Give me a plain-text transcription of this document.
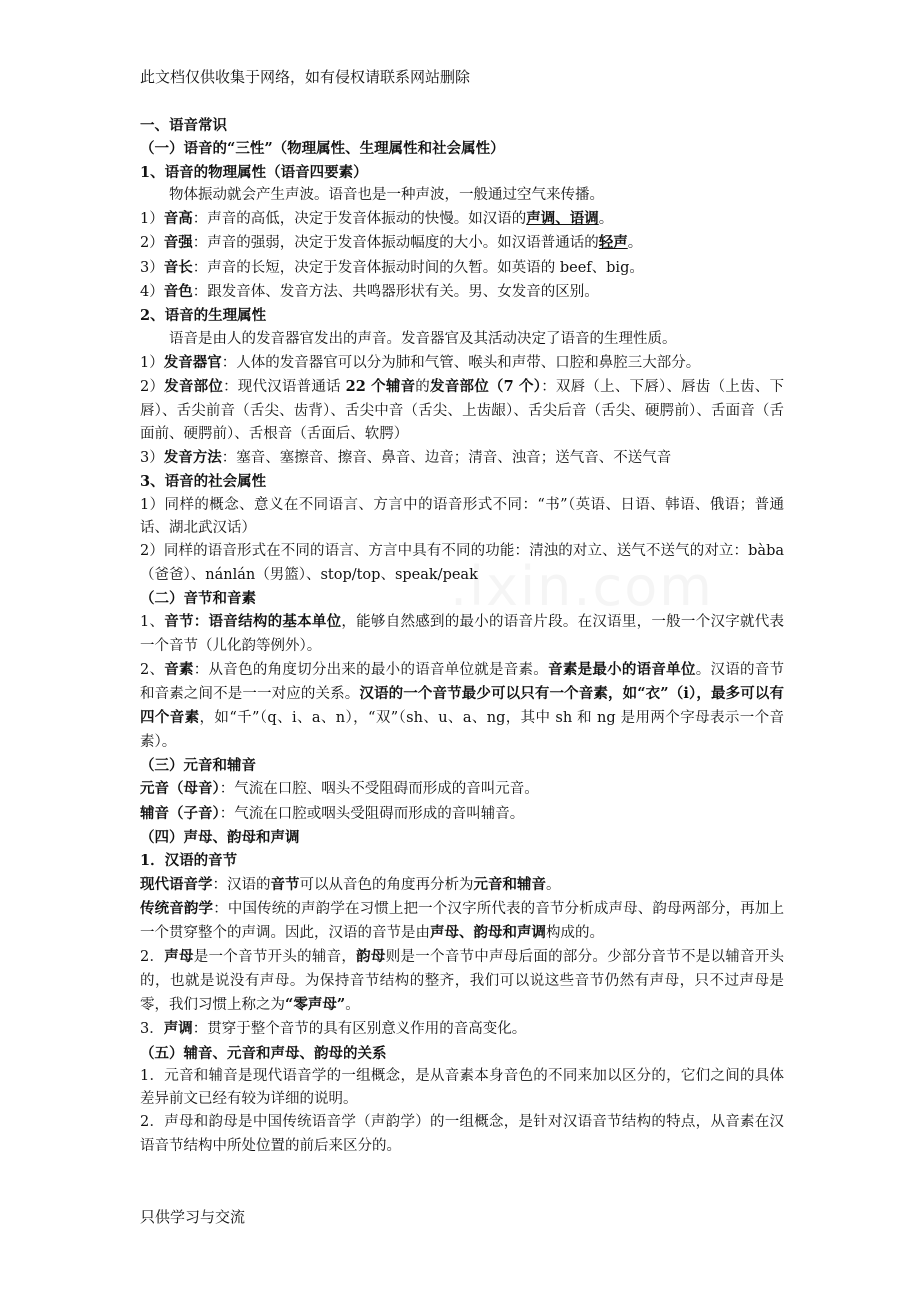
此文档仅供收集于网络，如有侵权请联系网站删除
.ixin.com

一、语音常识

（一）语音的“三性”（物理属性、生理属性和社会属性）

1、语音的物理属性（语音四要素）

物体振动就会产生声波。语音也是一种声波，一般通过空气来传播。

1）音高：声音的高低，决定于发音体振动的快慢。如汉语的声调、语调。

2）音强：声音的强弱，决定于发音体振动幅度的大小。如汉语普通话的轻声。

3）音长：声音的长短，决定于发音体振动时间的久暂。如英语的 beef、big。

4）音色：跟发音体、发音方法、共鸣器形状有关。男、女发音的区别。

2、语音的生理属性

语音是由人的发音器官发出的声音。发音器官及其活动决定了语音的生理性质。

1）发音器官：人体的发音器官可以分为肺和气管、喉头和声带、口腔和鼻腔三大部分。

2）发音部位：现代汉语普通话 22 个辅音的发音部位（7 个）：双唇（上、下唇）、唇齿（上齿、下唇）、舌尖前音（舌尖、齿背）、舌尖中音（舌尖、上齿龈）、舌尖后音（舌尖、硬腭前）、舌面音（舌面前、硬腭前）、舌根音（舌面后、软腭）

3）发音方法：塞音、塞擦音、擦音、鼻音、边音；清音、浊音；送气音、不送气音

3、语音的社会属性

1）同样的概念、意义在不同语言、方言中的语音形式不同：“书”（英语、日语、韩语、俄语；普通话、湖北武汉话）

2）同样的语音形式在不同的语言、方言中具有不同的功能：清浊的对立、送气不送气的对立：bàba（爸爸）、nánlán（男篮）、stop/top、speak/peak

（二）音节和音素

1、音节：语音结构的基本单位，能够自然感到的最小的语音片段。在汉语里，一般一个汉字就代表一个音节（儿化韵等例外）。

2、音素：从音色的角度切分出来的最小的语音单位就是音素。音素是最小的语音单位。汉语的音节和音素之间不是一一对应的关系。汉语的一个音节最少可以只有一个音素，如“衣”（i），最多可以有四个音素，如“千”（q、i、a、n），“双”（sh、u、a、ng，其中 sh 和 ng 是用两个字母表示一个音素）。

（三）元音和辅音

元音（母音）：气流在口腔、咽头不受阻碍而形成的音叫元音。

辅音（子音）：气流在口腔或咽头受阻碍而形成的音叫辅音。

（四）声母、韵母和声调

1．汉语的音节

现代语音学：汉语的音节可以从音色的角度再分析为元音和辅音。

传统音韵学：中国传统的声韵学在习惯上把一个汉字所代表的音节分析成声母、韵母两部分，再加上一个贯穿整个的声调。因此，汉语的音节是由声母、韵母和声调构成的。

2．声母是一个音节开头的辅音，韵母则是一个音节中声母后面的部分。少部分音节不是以辅音开头的，也就是说没有声母。为保持音节结构的整齐，我们可以说这些音节仍然有声母，只不过声母是零，我们习惯上称之为“零声母”。

3．声调：贯穿于整个音节的具有区别意义作用的音高变化。

（五）辅音、元音和声母、韵母的关系

1．元音和辅音是现代语音学的一组概念，是从音素本身音色的不同来加以区分的，它们之间的具体差异前文已经有较为详细的说明。

2．声母和韵母是中国传统语音学（声韵学）的一组概念，是针对汉语音节结构的特点，从音素在汉语音节结构中所处位置的前后来区分的。

只供学习与交流
